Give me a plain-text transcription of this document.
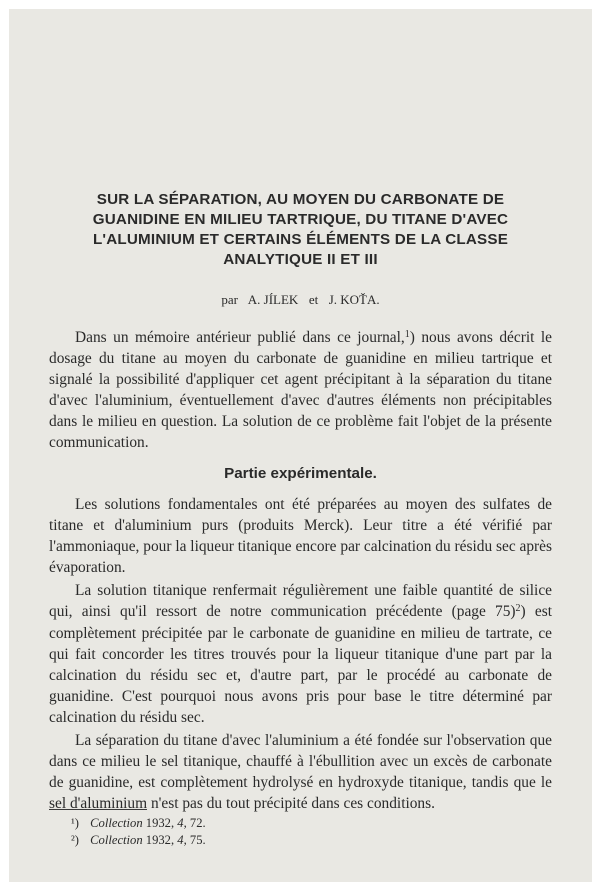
SUR LA SÉPARATION, AU MOYEN DU CARBONATE DE
GUANIDINE EN MILIEU TARTRIQUE, DU TITANE D'AVEC
L'ALUMINIUM ET CERTAINS ÉLÉMENTS DE LA CLASSE
ANALYTIQUE II ET III
par A. JÍLEK et J. KOŤA.

Dans un mémoire antérieur publié dans ce journal,$^1$) nous avons décrit le dosage du titane au moyen du carbonate de guanidine en milieu tartrique et signalé la possibilité d'appliquer cet agent précipitant à la séparation du titane d'avec l'aluminium, éventuellement d'avec d'autres éléments non précipitables dans le milieu en question. La solution de ce problème fait l'objet de la présente communication.

Partie expérimentale.

Les solutions fondamentales ont été préparées au moyen des sulfates de titane et d'aluminium purs (produits Merck). Leur titre a été vérifié par l'ammoniaque, pour la liqueur titanique encore par calcination du résidu sec après évaporation.

La solution titanique renfermait régulièrement une faible quantité de silice qui, ainsi qu'il ressort de notre communication précédente (page 75)$^2$) est complètement précipitée par le carbonate de guanidine en milieu de tartrate, ce qui fait concorder les titres trouvés pour la liqueur titanique d'une part par la calcination du résidu sec et, d'autre part, par le procédé au carbonate de guanidine. C'est pourquoi nous avons pris pour base le titre déterminé par calcination du résidu sec.

La séparation du titane d'avec l'aluminium a été fondée sur l'observation que dans ce milieu le sel titanique, chauffé à l'ébullition avec un excès de carbonate de guanidine, est complètement hydrolysé en hydroxyde titanique, tandis que le sel d'aluminium n'est pas du tout précipité dans ces conditions.

¹) Collection 1932, 4, 72.
²) Collection 1932, 4, 75.
